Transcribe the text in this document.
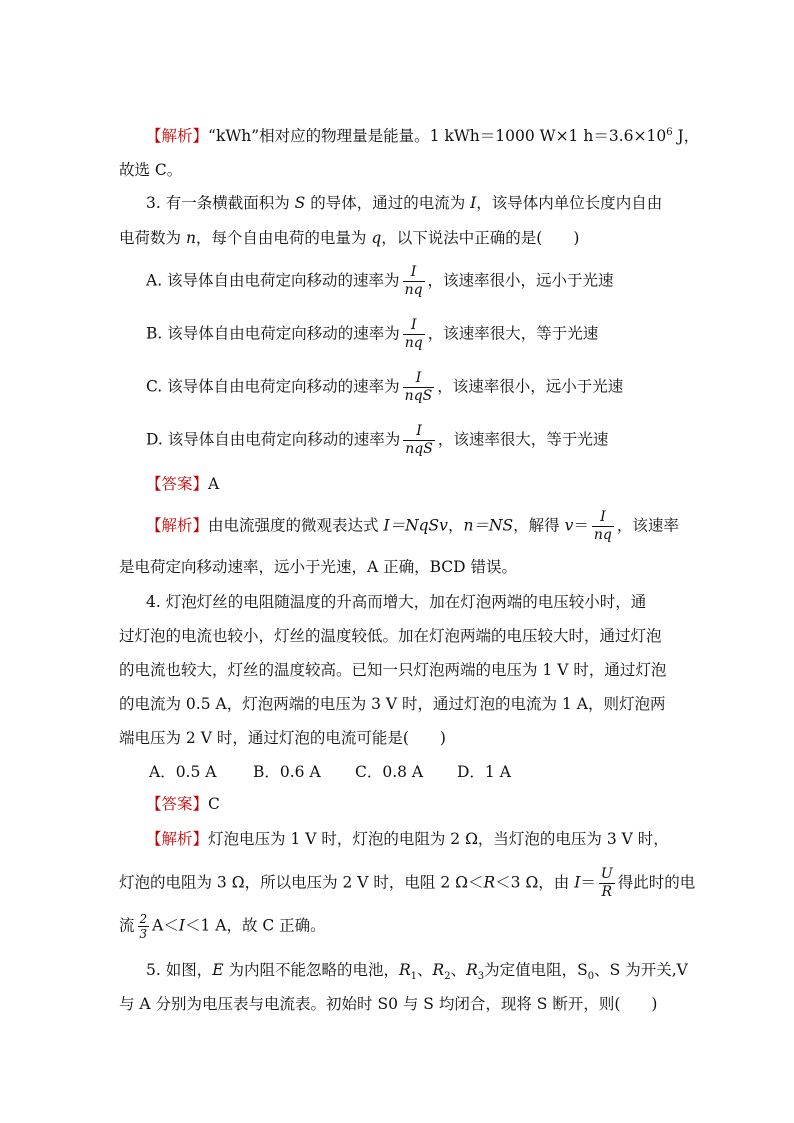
【解析】“kWh”相对应的物理量是能量。1 kWh＝1000 W×1 $h=3.6\times 10^6$ J，
故选 C。
3. 有一条横截面积为 S 的导体，通过的电流为 I，该导体内单位长度内自由
电荷数为 n，每个自由电荷的电量为 q，以下说法中正确的是(　　)
A. 该导体自由电荷定向移动的速率为 $\frac{I}{nq}$ ，该速率很小，远小于光速
B. 该导体自由电荷定向移动的速率为 $\frac{I}{nq}$ ，该速率很大，等于光速
C. 该导体自由电荷定向移动的速率为 $\frac{I}{\text{nqS}}$ ，该速率很小，远小于光速
D. 该导体自由电荷定向移动的速率为 $\frac{I}{\text{nqS}}$ ，该速率很大，等于光速
【答案】A
【解析】由电流强度的微观表达式 I＝NqSv，n＝NS，解得 $v= \frac{I}{nq}$ ，该速率
是电荷定向移动速率，远小于光速，A 正确，BCD 错误。
4. 灯泡灯丝的电阻随温度的升高而增大，加在灯泡两端的电压较小时，通
过灯泡的电流也较小，灯丝的温度较低。加在灯泡两端的电压较大时，通过灯泡
的电流也较大，灯丝的温度较高。已知一只灯泡两端的电压为 1 V 时，通过灯泡
的电流为 0.5 A，灯泡两端的电压为 3 V 时，通过灯泡的电流为 1 A，则灯泡两
端电压为 2 V 时，通过灯泡的电流可能是(　　)
A．0.5 A B．0.6 A C．0.8 A D．1 A
【答案】C
【解析】灯泡电压为 1 V 时，灯泡的电阻为 2 Ω，当灯泡的电压为 3 V 时，
灯泡的电阻为 3 Ω，所以电压为 2 V 时，电阻 2 Ω＜R＜3 Ω，由 $I= \frac{U}{R}$ 得此时的电
流 $\frac{2}{3} A<I<1$ A，故 C 正确。
5. 如图，E 为内阻不能忽略的电池，$R_1$、$R_2$、$R_3$为定值电阻，$S_0$、S 为开关,V
与 A 分别为电压表与电流表。初始时 S0 与 S 均闭合，现将 S 断开，则(　　)
